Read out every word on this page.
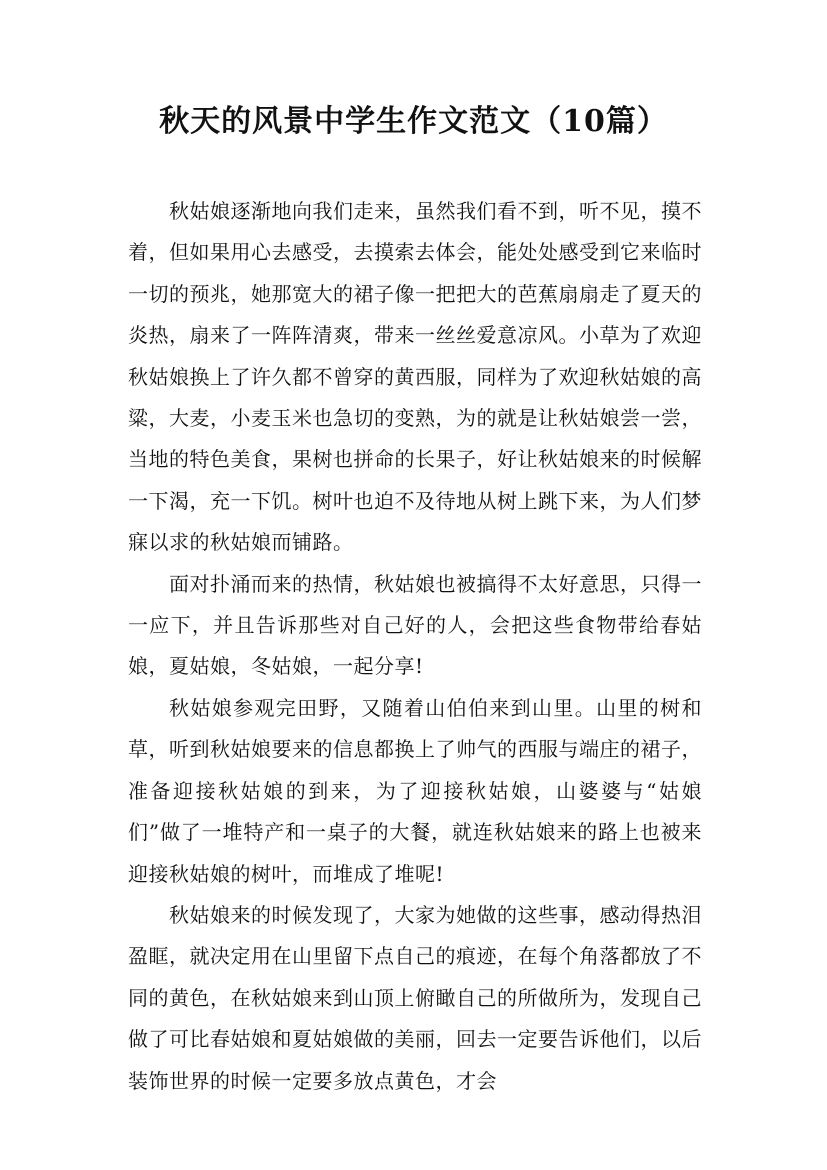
秋天的风景中学生作文范文（10篇）

秋姑娘逐渐地向我们走来，虽然我们看不到，听不见，摸不着，但如果用心去感受，去摸索去体会，能处处感受到它来临时一切的预兆，她那宽大的裙子像一把把大的芭蕉扇扇走了夏天的炎热，扇来了一阵阵清爽，带来一丝丝爱意凉风。小草为了欢迎秋姑娘换上了许久都不曾穿的黄西服，同样为了欢迎秋姑娘的高粱，大麦，小麦玉米也急切的变熟，为的就是让秋姑娘尝一尝，当地的特色美食，果树也拼命的长果子，好让秋姑娘来的时候解一下渴，充一下饥。树叶也迫不及待地从树上跳下来，为人们梦寐以求的秋姑娘而铺路。

面对扑涌而来的热情，秋姑娘也被搞得不太好意思，只得一一应下，并且告诉那些对自己好的人，会把这些食物带给春姑娘，夏姑娘，冬姑娘，一起分享!

秋姑娘参观完田野，又随着山伯伯来到山里。山里的树和草，听到秋姑娘要来的信息都换上了帅气的西服与端庄的裙子，准备迎接秋姑娘的到来，为了迎接秋姑娘，山婆婆与“姑娘们”做了一堆特产和一桌子的大餐，就连秋姑娘来的路上也被来迎接秋姑娘的树叶，而堆成了堆呢!

秋姑娘来的时候发现了，大家为她做的这些事，感动得热泪盈眶，就决定用在山里留下点自己的痕迹，在每个角落都放了不同的黄色，在秋姑娘来到山顶上俯瞰自己的所做所为，发现自己做了可比春姑娘和夏姑娘做的美丽，回去一定要告诉他们，以后装饰世界的时候一定要多放点黄色，才会
